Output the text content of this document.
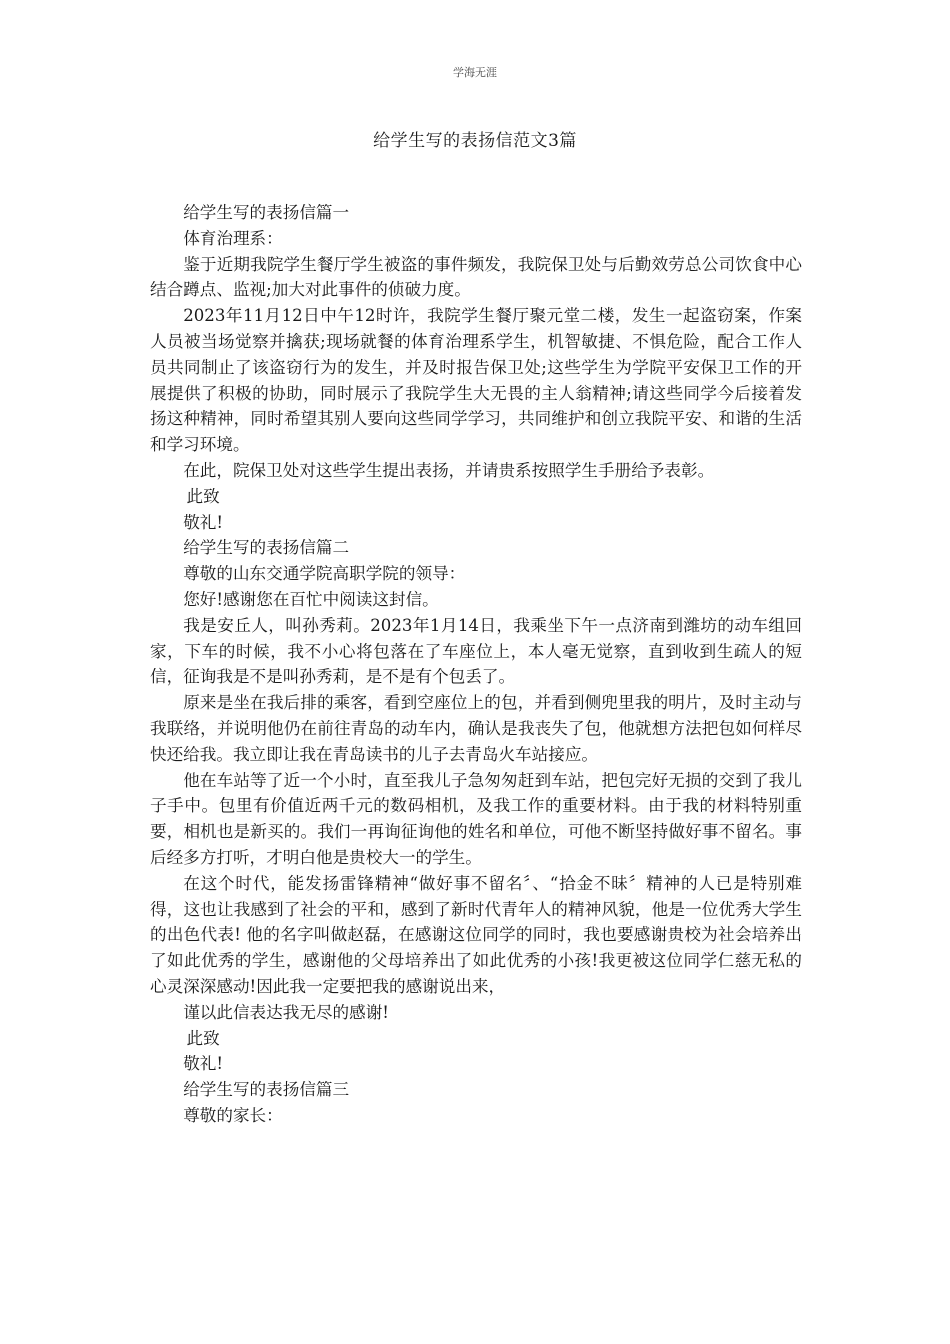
学海无涯
给学生写的表扬信范文3篇

给学生写的表扬信篇一

体育治理系：

鉴于近期我院学生餐厅学生被盗的事件频发，我院保卫处与后勤效劳总公司饮食中心结合蹲点、监视;加大对此事件的侦破力度。

2023年11月12日中午12时许，我院学生餐厅聚元堂二楼，发生一起盗窃案，作案人员被当场觉察并擒获;现场就餐的体育治理系学生，机智敏捷、不惧危险，配合工作人员共同制止了该盗窃行为的发生，并及时报告保卫处;这些学生为学院平安保卫工作的开展提供了积极的协助，同时展示了我院学生大无畏的主人翁精神;请这些同学今后接着发扬这种精神，同时希望其别人要向这些同学学习，共同维护和创立我院平安、和谐的生活和学习环境。

在此，院保卫处对这些学生提出表扬，并请贵系按照学生手册给予表彰。

此致

敬礼!

给学生写的表扬信篇二

尊敬的山东交通学院高职学院的领导：

您好!感谢您在百忙中阅读这封信。

我是安丘人，叫孙秀莉。2023年1月14日，我乘坐下午一点济南到潍坊的动车组回家，下车的时候，我不小心将包落在了车座位上，本人毫无觉察，直到收到生疏人的短信，征询我是不是叫孙秀莉，是不是有个包丢了。

原来是坐在我后排的乘客，看到空座位上的包，并看到侧兜里我的明片，及时主动与我联络，并说明他仍在前往青岛的动车内，确认是我丧失了包，他就想方法把包如何样尽快还给我。我立即让我在青岛读书的儿子去青岛火车站接应。

他在车站等了近一个小时，直至我儿子急匆匆赶到车站，把包完好无损的交到了我儿子手中。包里有价值近两千元的数码相机，及我工作的重要材料。由于我的材料特别重要，相机也是新买的。我们一再询征询他的姓名和单位，可他不断坚持做好事不留名。事后经多方打听，才明白他是贵校大一的学生。

在这个时代，能发扬雷锋精神“做好事不留名〞、“拾金不昧〞精神的人已是特别难得，这也让我感到了社会的平和，感到了新时代青年人的精神风貌，他是一位优秀大学生的出色代表! 他的名字叫做赵磊，在感谢这位同学的同时，我也要感谢贵校为社会培养出了如此优秀的学生，感谢他的父母培养出了如此优秀的小孩!我更被这位同学仁慈无私的心灵深深感动!因此我一定要把我的感谢说出来，

谨以此信表达我无尽的感谢!

此致

敬礼!

给学生写的表扬信篇三

尊敬的家长：
